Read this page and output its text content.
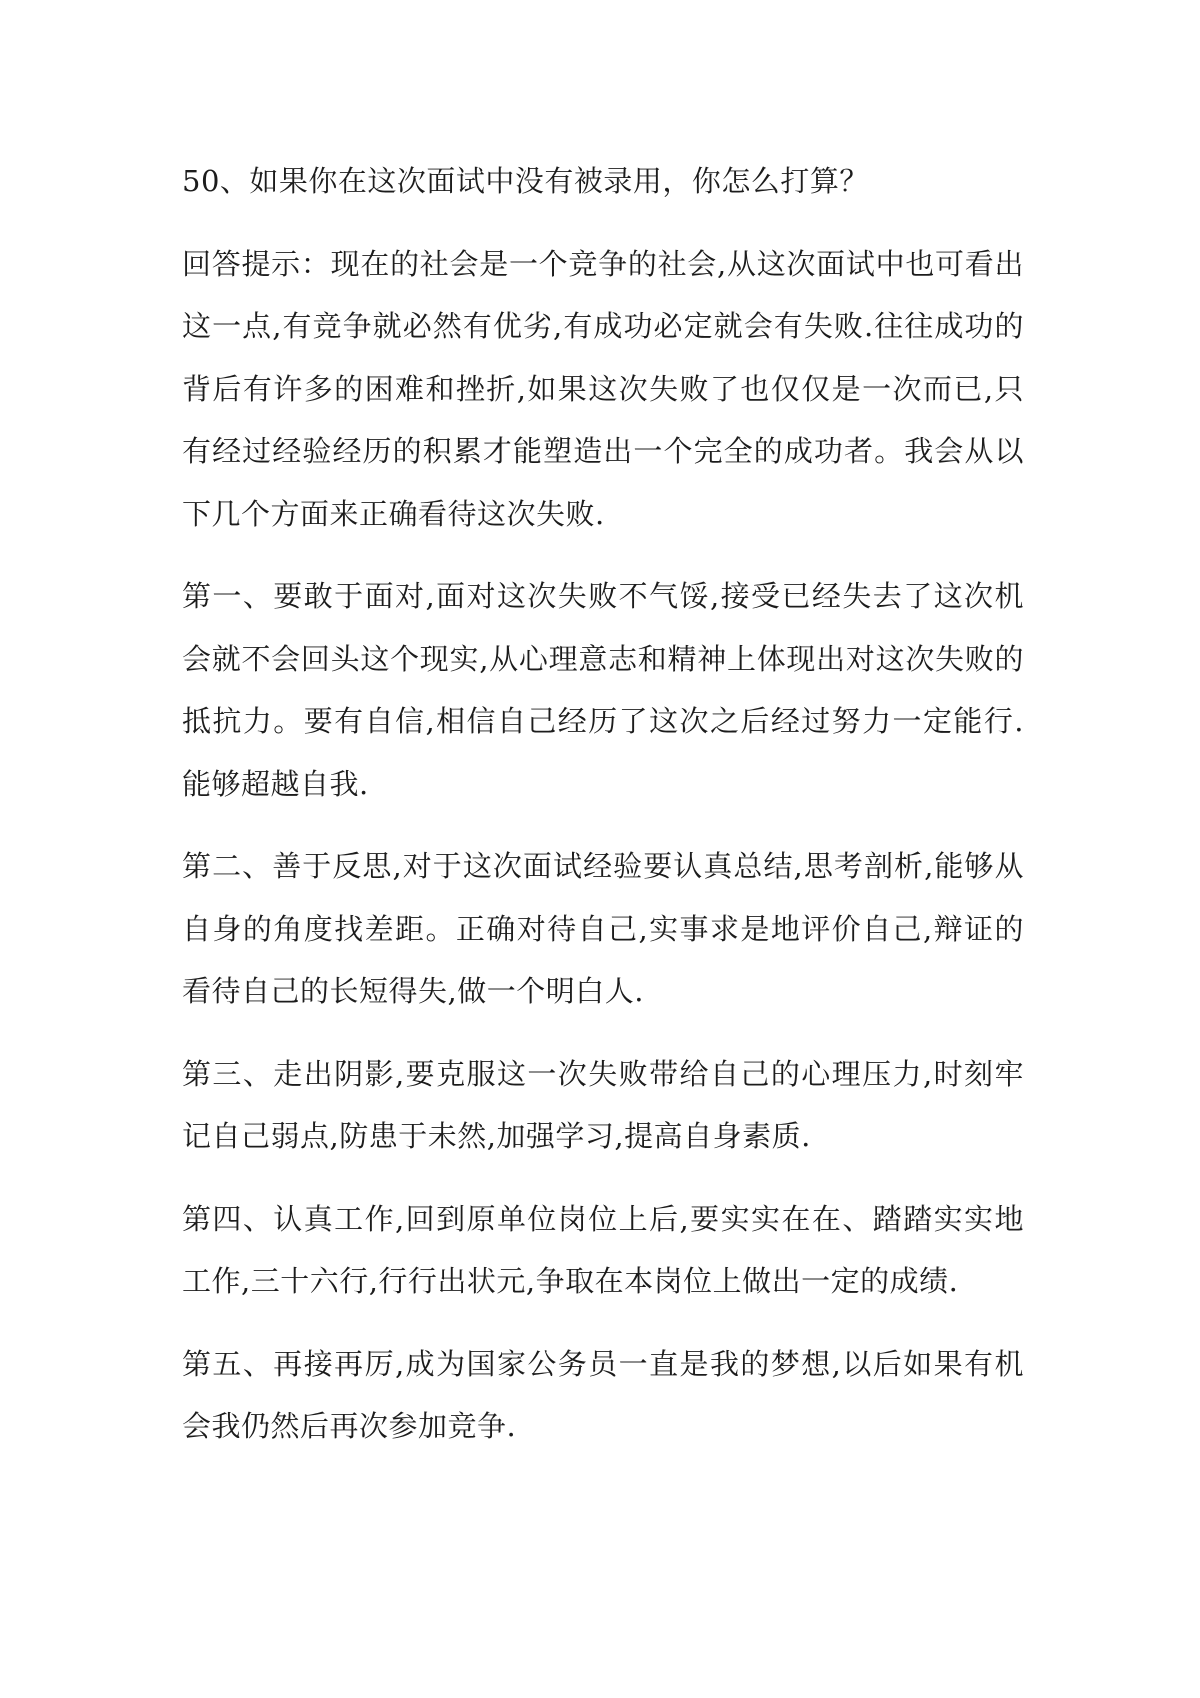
50、如果你在这次面试中没有被录用，你怎么打算？

回答提示：现在的社会是一个竞争的社会,从这次面试中也可看出这一点,有竞争就必然有优劣,有成功必定就会有失败.往往成功的背后有许多的困难和挫折,如果这次失败了也仅仅是一次而已,只有经过经验经历的积累才能塑造出一个完全的成功者。我会从以下几个方面来正确看待这次失败.

第一、要敢于面对,面对这次失败不气馁,接受已经失去了这次机会就不会回头这个现实,从心理意志和精神上体现出对这次失败的抵抗力。要有自信,相信自己经历了这次之后经过努力一定能行.能够超越自我.

第二、善于反思,对于这次面试经验要认真总结,思考剖析,能够从自身的角度找差距。正确对待自己,实事求是地评价自己,辩证的看待自己的长短得失,做一个明白人.

第三、走出阴影,要克服这一次失败带给自己的心理压力,时刻牢记自己弱点,防患于未然,加强学习,提高自身素质.

第四、认真工作,回到原单位岗位上后,要实实在在、踏踏实实地工作,三十六行,行行出状元,争取在本岗位上做出一定的成绩.

第五、再接再厉,成为国家公务员一直是我的梦想,以后如果有机会我仍然后再次参加竞争.
